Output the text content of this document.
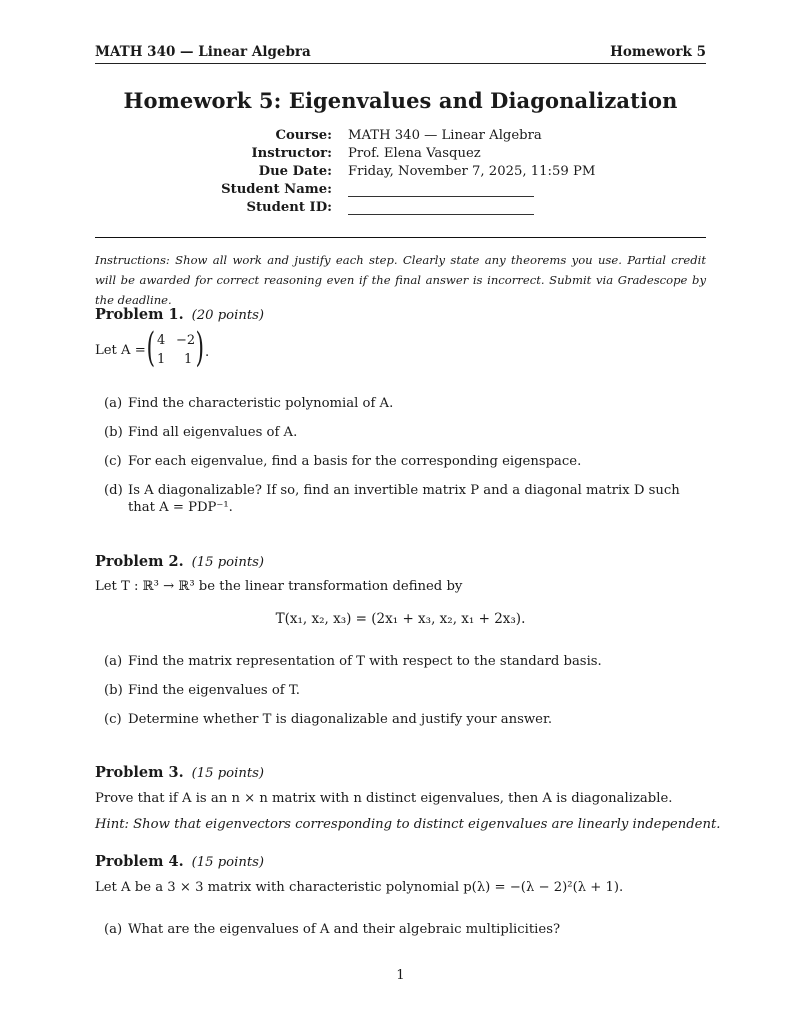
MATH 340 — Linear Algebra	Homework 5
Homework 5: Eigenvalues and Diagonalization
Course: MATH 340 — Linear Algebra
Instructor: Prof. Elena Vasquez
Due Date: Friday, November 7, 2025, 11:59 PM
Student Name:
Student ID:
Instructions: Show all work and justify each step. Clearly state any theorems you use. Partial credit will be awarded for correct reasoning even if the final answer is incorrect. Submit via Gradescope by the deadline.
Problem 1. (20 points)
Let A = ( 4 −2
1 1 ) .
(a) Find the characteristic polynomial of A.
(b) Find all eigenvalues of A.
(c) For each eigenvalue, find a basis for the corresponding eigenspace.
(d) Is A diagonalizable? If so, find an invertible matrix P and a diagonal matrix D such that A = PDP⁻¹.
Problem 2. (15 points)
Let T : ℝ³ → ℝ³ be the linear transformation defined by
T(x₁, x₂, x₃) = (2x₁ + x₃, x₂, x₁ + 2x₃).
(a) Find the matrix representation of T with respect to the standard basis.
(b) Find the eigenvalues of T.
(c) Determine whether T is diagonalizable and justify your answer.
Problem 3. (15 points)
Prove that if A is an n × n matrix with n distinct eigenvalues, then A is diagonalizable.
Hint: Show that eigenvectors corresponding to distinct eigenvalues are linearly independent.
Problem 4. (15 points)
Let A be a 3 × 3 matrix with characteristic polynomial p(λ) = −(λ − 2)²(λ + 1).
(a) What are the eigenvalues of A and their algebraic multiplicities?
1
